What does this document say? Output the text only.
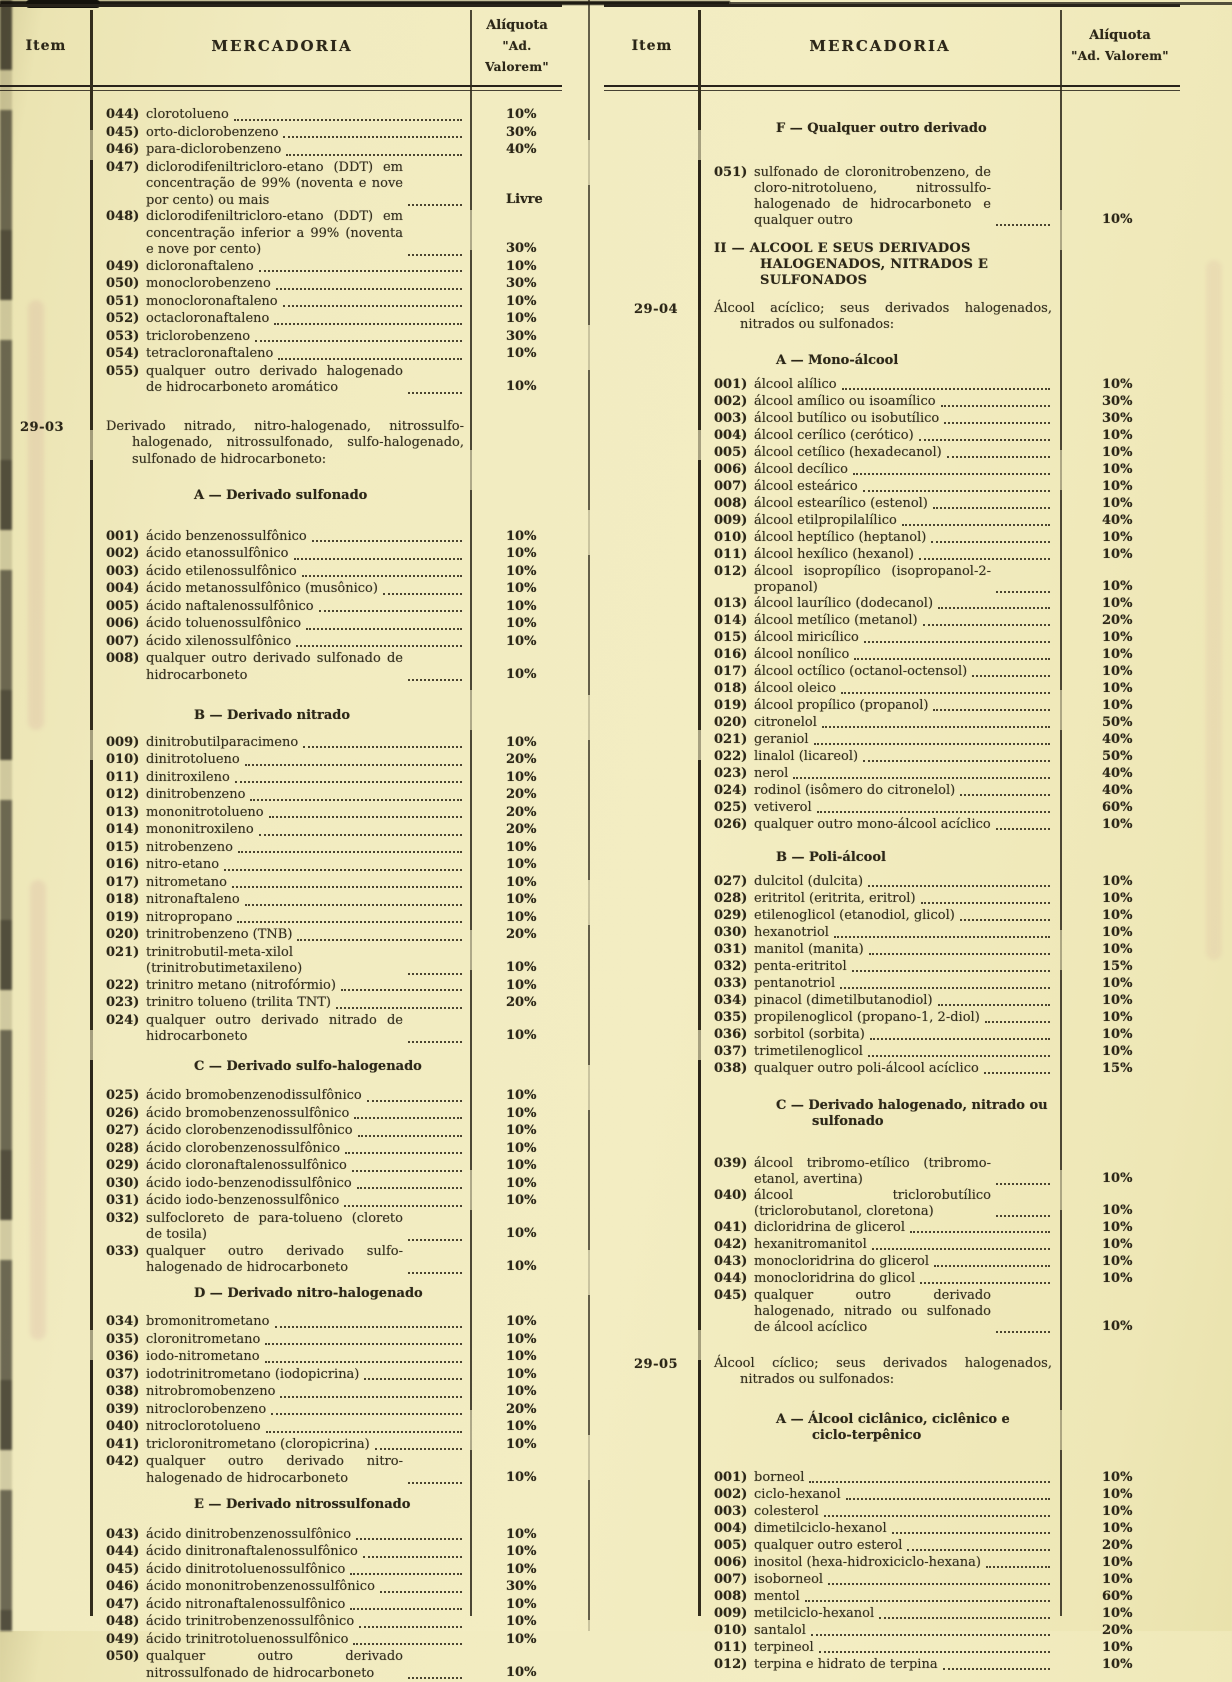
Item	MERCADORIA
Alíquota
"Ad. Valorem"
044) clorotolueno	10%
045) orto-diclorobenzeno	30%
046) para-diclorobenzeno	40%
047) diclorodifeniltricloro-etano (DDT) em concentração de 99% (noventa e nove por cento) ou mais	Livre
048) diclorodifeniltricloro-etano (DDT) em concentração inferior a 99% (noventa e nove por cento)	30%
049) dicloronaftaleno	10%
050) monoclorobenzeno	30%
051) monocloronaftaleno	10%
052) octacloronaftaleno	10%
053) triclorobenzeno	30%
054) tetracloronaftaleno	10%
055) qualquer outro derivado halogenado de hidrocarboneto aromático	10%
29-03	Derivado nitrado, nitro-halogenado, nitrossulfo-halogenado, nitrossulfonado, sulfo-halogenado, sulfonado de hidrocarboneto:
A — Derivado sulfonado
001) ácido benzenossulfônico	10%
002) ácido etanossulfônico	10%
003) ácido etilenossulfônico	10%
004) ácido metanossulfônico (musônico)	10%
005) ácido naftalenossulfônico	10%
006) ácido toluenossulfônico	10%
007) ácido xilenossulfônico	10%
008) qualquer outro derivado sulfonado de hidrocarboneto	10%
B — Derivado nitrado
009) dinitrobutilparacimeno	10%
010) dinitrotolueno	20%
011) dinitroxileno	10%
012) dinitrobenzeno	20%
013) mononitrotolueno	20%
014) mononitroxileno	20%
015) nitrobenzeno	10%
016) nitro-etano	10%
017) nitrometano	10%
018) nitronaftaleno	10%
019) nitropropano	10%
020) trinitrobenzeno (TNB)	20%
021) trinitrobutil-meta-xilol (trinitrobutimetaxileno)	10%
022) trinitro metano (nitrofórmio)	10%
023) trinitro tolueno (trilita TNT)	20%
024) qualquer outro derivado nitrado de hidrocarboneto	10%
C — Derivado sulfo-halogenado
025) ácido bromobenzenodissulfônico	10%
026) ácido bromobenzenossulfônico	10%
027) ácido clorobenzenodissulfônico	10%
028) ácido clorobenzenossulfônico	10%
029) ácido cloronaftalenossulfônico	10%
030) ácido iodo-benzenodissulfônico	10%
031) ácido iodo-benzenossulfônico	10%
032) sulfocloreto de para-tolueno (cloreto de tosila)	10%
033) qualquer outro derivado sulfo-halogenado de hidrocarboneto	10%
D — Derivado nitro-halogenado
034) bromonitrometano	10%
035) cloronitrometano	10%
036) iodo-nitrometano	10%
037) iodotrinitrometano (iodopicrina)	10%
038) nitrobromobenzeno	10%
039) nitroclorobenzeno	20%
040) nitroclorotolueno	10%
041) tricloronitrometano (cloropicrina)	10%
042) qualquer outro derivado nitro-halogenado de hidrocarboneto	10%
E — Derivado nitrossulfonado
043) ácido dinitrobenzenossulfônico	10%
044) ácido dinitronaftalenossulfônico	10%
045) ácido dinitrotoluenossulfônico	10%
046) ácido mononitrobenzenossulfônico	30%
047) ácido nitronaftalenossulfônico	10%
048) ácido trinitrobenzenossulfônico	10%
049) ácido trinitrotoluenossulfônico	10%
050) qualquer outro derivado nitrossulfonado de hidrocarboneto	10%
Item	MERCADORIA
Alíquota
"Ad. Valorem"
F — Qualquer outro derivado
051) sulfonado de cloronitrobenzeno, de cloro-nitrotolueno, nitrossulfo-halogenado de hidrocarboneto e qualquer outro	10%
II — ALCOOL E SEUS DERIVADOS HALOGENADOS, NITRADOS E SULFONADOS
29-04	Álcool acíclico; seus derivados halogenados, nitrados ou sulfonados:
A — Mono-álcool
001) álcool alílico	10%
002) álcool amílico ou isoamílico	30%
003) álcool butílico ou isobutílico	30%
004) álcool cerílico (cerótico)	10%
005) álcool cetílico (hexadecanol)	10%
006) álcool decílico	10%
007) álcool esteárico	10%
008) álcool estearílico (estenol)	10%
009) álcool etilpropilalílico	40%
010) álcool heptílico (heptanol)	10%
011) álcool hexílico (hexanol)	10%
012) álcool isopropílico (isopropanol-2-propanol)	10%
013) álcool laurílico (dodecanol)	10%
014) álcool metílico (metanol)	20%
015) álcool miricílico	10%
016) álcool nonílico	10%
017) álcool octílico (octanol-octensol)	10%
018) álcool oleico	10%
019) álcool propílico (propanol)	10%
020) citronelol	50%
021) geraniol	40%
022) linalol (licareol)	50%
023) nerol	40%
024) rodinol (isômero do citronelol)	40%
025) vetiverol	60%
026) qualquer outro mono-álcool acíclico	10%
B — Poli-álcool
027) dulcitol (dulcita)	10%
028) eritritol (eritrita, eritrol)	10%
029) etilenoglicol (etanodiol, glicol)	10%
030) hexanotriol	10%
031) manitol (manita)	10%
032) penta-eritritol	15%
033) pentanotriol	10%
034) pinacol (dimetilbutanodiol)	10%
035) propilenoglicol (propano-1, 2-diol)	10%
036) sorbitol (sorbita)	10%
037) trimetilenoglicol	10%
038) qualquer outro poli-álcool acíclico	15%
C — Derivado halogenado, nitrado ou sulfonado
039) álcool tribromo-etílico (tribromo-etanol, avertina)	10%
040) álcool triclorobutílico (triclorobutanol, cloretona)	10%
041) dicloridrina de glicerol	10%
042) hexanitromanitol	10%
043) monocloridrina do glicerol	10%
044) monocloridrina do glicol	10%
045) qualquer outro derivado halogenado, nitrado ou sulfonado de álcool acíclico	10%
29-05	Álcool cíclico; seus derivados halogenados, nitrados ou sulfonados:
A — Álcool ciclânico, ciclênico e ciclo-terpênico
001) borneol	10%
002) ciclo-hexanol	10%
003) colesterol	10%
004) dimetilciclo-hexanol	10%
005) qualquer outro esterol	20%
006) inositol (hexa-hidroxiciclo-hexana)	10%
007) isoborneol	10%
008) mentol	60%
009) metilciclo-hexanol	10%
010) santalol	20%
011) terpineol	10%
012) terpina e hidrato de terpina	10%
